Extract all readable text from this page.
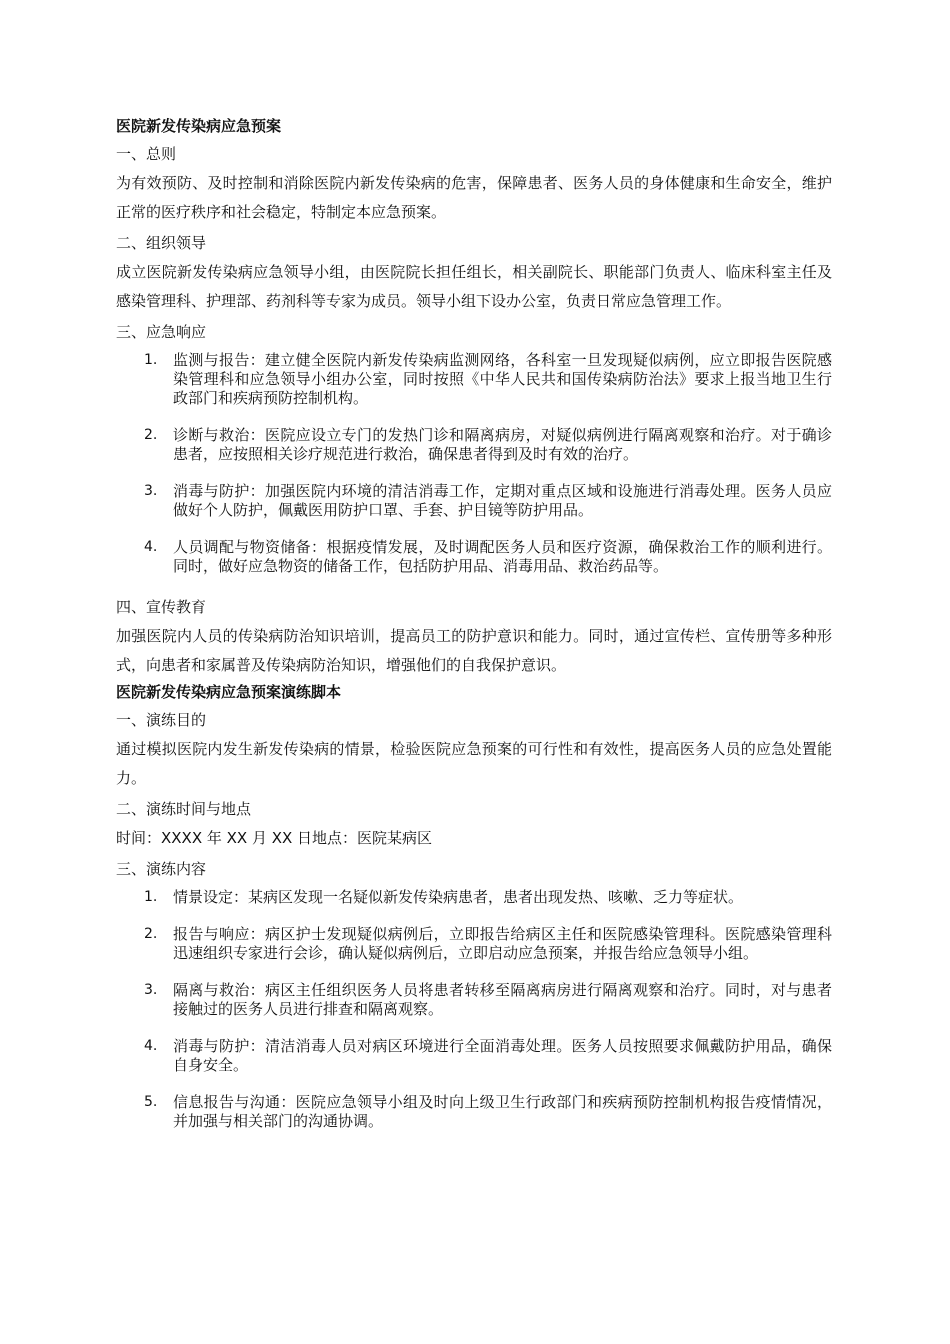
医院新发传染病应急预案

一、总则

为有效预防、及时控制和消除医院内新发传染病的危害，保障患者、医务人员的身体健康和生命安全，维护正常的医疗秩序和社会稳定，特制定本应急预案。

二、组织领导

成立医院新发传染病应急领导小组，由医院院长担任组长，相关副院长、职能部门负责人、临床科室主任及感染管理科、护理部、药剂科等专家为成员。领导小组下设办公室，负责日常应急管理工作。

三、应急响应

1. 监测与报告：建立健全医院内新发传染病监测网络，各科室一旦发现疑似病例，应立即报告医院感染管理科和应急领导小组办公室，同时按照《中华人民共和国传染病防治法》要求上报当地卫生行政部门和疾病预防控制机构。
2. 诊断与救治：医院应设立专门的发热门诊和隔离病房，对疑似病例进行隔离观察和治疗。对于确诊患者，应按照相关诊疗规范进行救治，确保患者得到及时有效的治疗。
3. 消毒与防护：加强医院内环境的清洁消毒工作，定期对重点区域和设施进行消毒处理。医务人员应做好个人防护，佩戴医用防护口罩、手套、护目镜等防护用品。
4. 人员调配与物资储备：根据疫情发展，及时调配医务人员和医疗资源，确保救治工作的顺利进行。同时，做好应急物资的储备工作，包括防护用品、消毒用品、救治药品等。

四、宣传教育

加强医院内人员的传染病防治知识培训，提高员工的防护意识和能力。同时，通过宣传栏、宣传册等多种形式，向患者和家属普及传染病防治知识，增强他们的自我保护意识。

医院新发传染病应急预案演练脚本

一、演练目的

通过模拟医院内发生新发传染病的情景，检验医院应急预案的可行性和有效性，提高医务人员的应急处置能力。

二、演练时间与地点

时间：XXXX 年 XX 月 XX 日地点：医院某病区

三、演练内容

1. 情景设定：某病区发现一名疑似新发传染病患者，患者出现发热、咳嗽、乏力等症状。
2. 报告与响应：病区护士发现疑似病例后，立即报告给病区主任和医院感染管理科。医院感染管理科迅速组织专家进行会诊，确认疑似病例后，立即启动应急预案，并报告给应急领导小组。
3. 隔离与救治：病区主任组织医务人员将患者转移至隔离病房进行隔离观察和治疗。同时，对与患者接触过的医务人员进行排查和隔离观察。
4. 消毒与防护：清洁消毒人员对病区环境进行全面消毒处理。医务人员按照要求佩戴防护用品，确保自身安全。
5. 信息报告与沟通：医院应急领导小组及时向上级卫生行政部门和疾病预防控制机构报告疫情情况，并加强与相关部门的沟通协调。
